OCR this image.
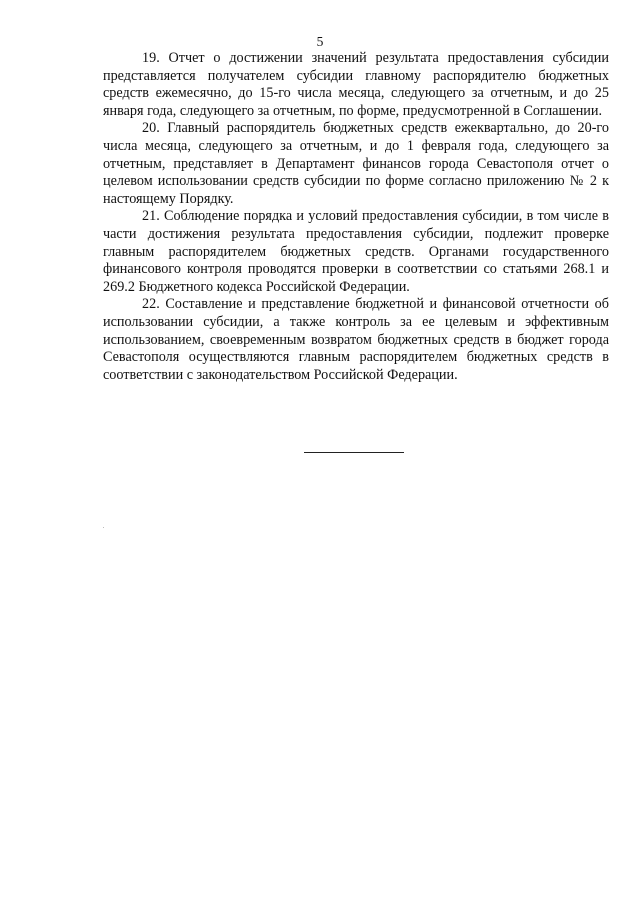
5

19. Отчет о достижении значений результата предоставления субсидии представляется получателем субсидии главному распорядителю бюджетных средств ежемесячно, до 15-го числа месяца, следующего за отчетным, и до 25 января года, следующего за отчетным, по форме, предусмотренной в Соглашении.

20. Главный распорядитель бюджетных средств ежеквартально, до 20-го числа месяца, следующего за отчетным, и до 1 февраля года, следующего за отчетным, представляет в Департамент финансов города Севастополя отчет о целевом использовании средств субсидии по форме согласно приложению № 2 к настоящему Порядку.

21. Соблюдение порядка и условий предоставления субсидии, в том числе в части достижения результата предоставления субсидии, подлежит проверке главным распорядителем бюджетных средств. Органами государственного финансового контроля проводятся проверки в соответствии со статьями 268.1 и 269.2 Бюджетного кодекса Российской Федерации.

22. Составление и представление бюджетной и финансовой отчетности об использовании субсидии, а также контроль за ее целевым и эффективным использованием, своевременным возвратом бюджетных средств в бюджет города Севастополя осуществляются главным распорядителем бюджетных средств в соответствии с законодательством Российской Федерации.
